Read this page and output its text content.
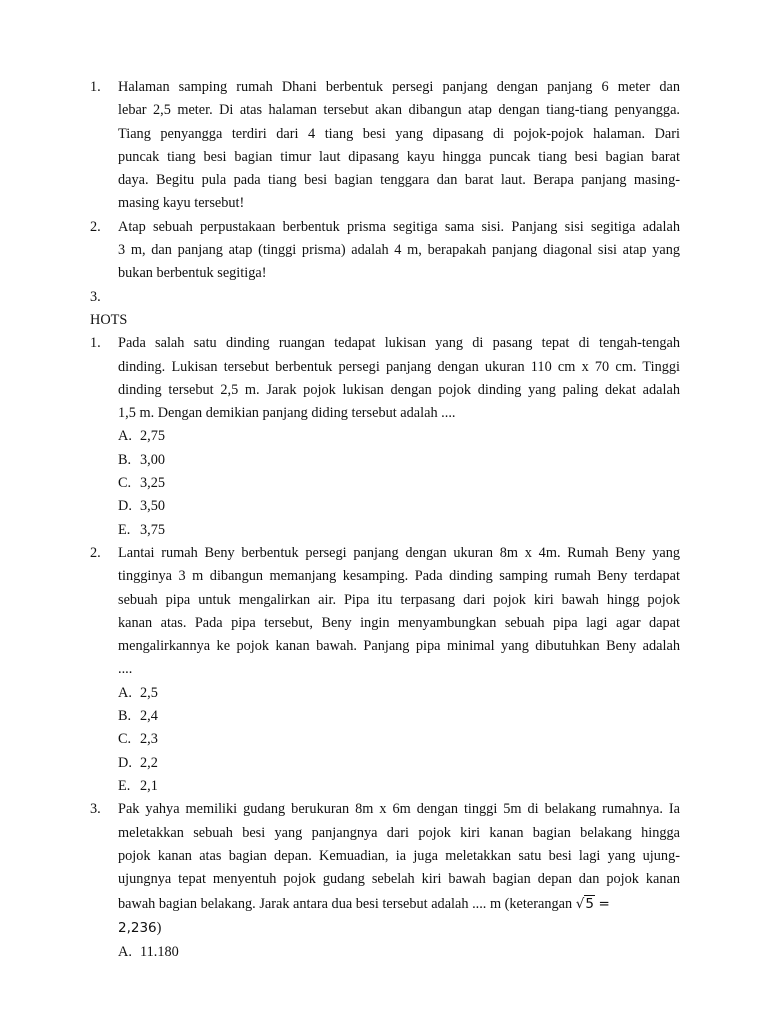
1. Halaman samping rumah Dhani berbentuk persegi panjang dengan panjang 6 meter dan
lebar 2,5 meter. Di atas halaman tersebut akan dibangun atap dengan tiang-tiang penyangga.
Tiang penyangga terdiri dari 4 tiang besi yang dipasang di pojok-pojok halaman. Dari
puncak tiang besi bagian timur laut dipasang kayu hingga puncak tiang besi bagian barat
daya. Begitu pula pada tiang besi bagian tenggara dan barat laut. Berapa panjang masing-
masing kayu tersebut!
2. Atap sebuah perpustakaan berbentuk prisma segitiga sama sisi. Panjang sisi segitiga adalah
3 m, dan panjang atap (tinggi prisma) adalah 4 m, berapakah panjang diagonal sisi atap yang
bukan berbentuk segitiga!
3.
HOTS
1. Pada salah satu dinding ruangan tedapat lukisan yang di pasang tepat di tengah-tengah
dinding. Lukisan tersebut berbentuk persegi panjang dengan ukuran 110 cm x 70 cm. Tinggi
dinding tersebut 2,5 m. Jarak pojok lukisan dengan pojok dinding yang paling dekat adalah
1,5 m. Dengan demikian panjang diding tersebut adalah ....
A. 2,75
B. 3,00
C. 3,25
D. 3,50
E. 3,75
2. Lantai rumah Beny berbentuk persegi panjang dengan ukuran 8m x 4m. Rumah Beny yang
tingginya 3 m dibangun memanjang kesamping. Pada dinding samping rumah Beny terdapat
sebuah pipa untuk mengalirkan air. Pipa itu terpasang dari pojok kiri bawah hingg pojok
kanan atas. Pada pipa tersebut, Beny ingin menyambungkan sebuah pipa lagi agar dapat
mengalirkannya ke pojok kanan bawah. Panjang pipa minimal yang dibutuhkan Beny adalah
....
A. 2,5
B. 2,4
C. 2,3
D. 2,2
E. 2,1
3. Pak yahya memiliki gudang berukuran 8m x 6m dengan tinggi 5m di belakang rumahnya. Ia
meletakkan sebuah besi yang panjangnya dari pojok kiri kanan bagian belakang hingga
pojok kanan atas bagian depan. Kemuadian, ia juga meletakkan satu besi lagi yang ujung-
ujungnya tepat menyentuh pojok gudang sebelah kiri bawah bagian depan dan pojok kanan
bawah bagian belakang. Jarak antara dua besi tersebut adalah .... m (keterangan √5 =
2,236)
A. 11.180
